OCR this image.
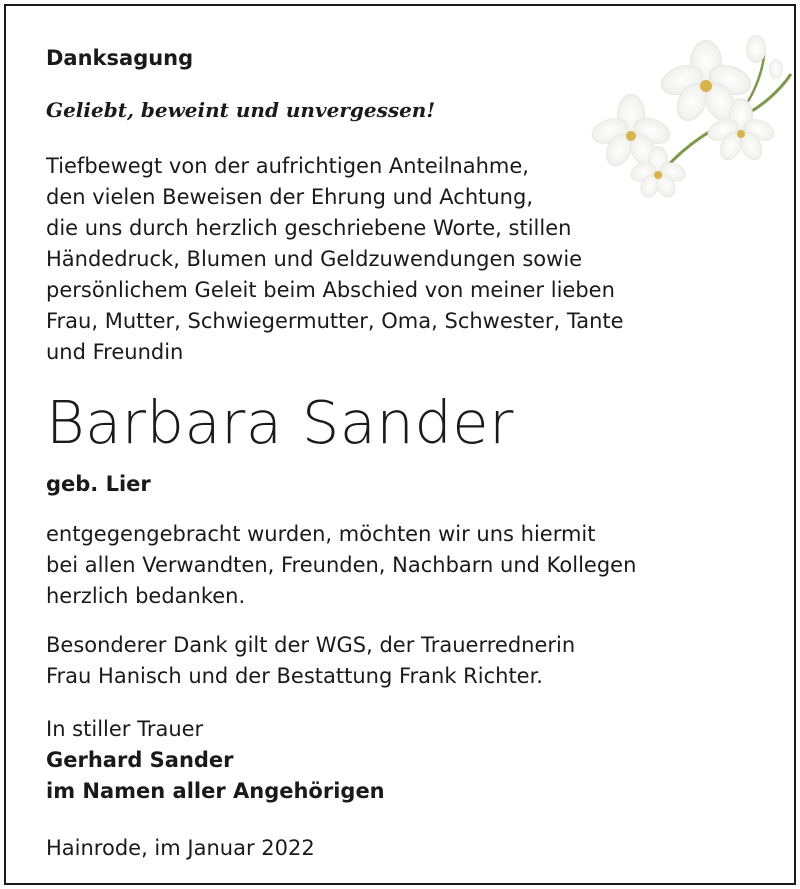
Danksagung
Geliebt, beweint und unvergessen!

Tiefbewegt von der aufrichtigen Anteilnahme,
den vielen Beweisen der Ehrung und Achtung,
die uns durch herzlich geschriebene Worte, stillen
Händedruck, Blumen und Geldzuwendungen sowie
persönlichem Geleit beim Abschied von meiner lieben
Frau, Mutter, Schwiegermutter, Oma, Schwester, Tante
und Freundin

Barbara Sander
geb. Lier

entgegengebracht wurden, möchten wir uns hiermit
bei allen Verwandten, Freunden, Nachbarn und Kollegen
herzlich bedanken.

Besonderer Dank gilt der WGS, der Trauerrednerin
Frau Hanisch und der Bestattung Frank Richter.

In stiller Trauer
Gerhard Sander
im Namen aller Angehörigen

Hainrode, im Januar 2022
